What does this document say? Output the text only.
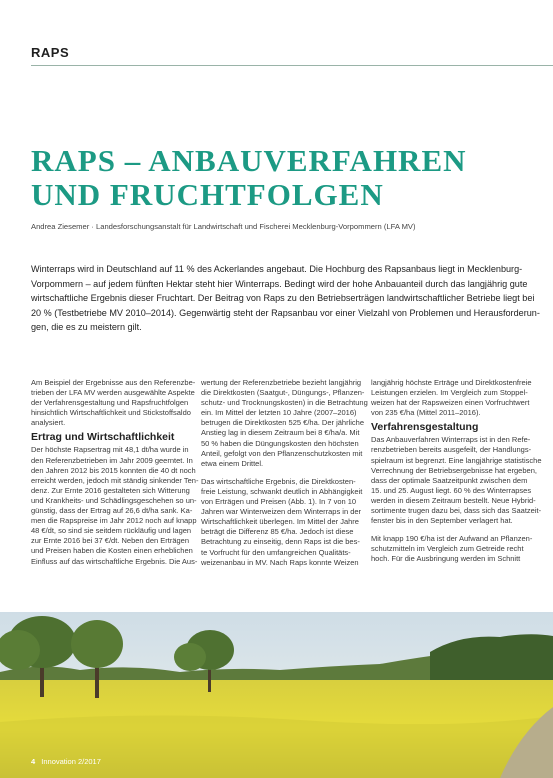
RAPS
RAPS – ANBAUVERFAHREN
UND FRUCHTFOLGEN
Andrea Ziesemer · Landesforschungsanstalt für Landwirtschaft und Fischerei Mecklenburg-Vorpommern (LFA MV)

Winterraps wird in Deutschland auf 11 % des Ackerlandes angebaut. Die Hochburg des Rapsanbaus liegt in Mecklenburg-
Vorpommern – auf jedem fünften Hektar steht hier Winterraps. Bedingt wird der hohe Anbauanteil durch das langjährig gute
wirtschaftliche Ergebnis dieser Fruchtart. Der Beitrag von Raps zu den Betriebserträgen landwirtschaftlicher Betriebe liegt bei
20 % (Testbetriebe MV 2010–2014). Gegenwärtig steht der Rapsanbau vor einer Vielzahl von Problemen und Herausforderun-
gen, die es zu meistern gilt.

Am Beispiel der Ergebnisse aus den Referenzbe-
trieben der LFA MV werden ausgewählte Aspekte
der Verfahrensgestaltung und Rapsfruchtfolgen
hinsichtlich Wirtschaftlichkeit und Stickstoffsaldo
analysiert.
Ertrag und Wirtschaftlichkeit
Der höchste Rapsertrag mit 48,1 dt/ha wurde in
den Referenzbetrieben im Jahr 2009 geerntet. In
den Jahren 2012 bis 2015 konnten die 40 dt noch
erreicht werden, jedoch mit ständig sinkender Ten-
denz. Zur Ernte 2016 gestalteten sich Witterung
und Krankheits- und Schädlingsgeschehen so un-
günstig, dass der Ertrag auf 26,6 dt/ha sank. Ka-
men die Rapspreise im Jahr 2012 noch auf knapp
48 €/dt, so sind sie seitdem rückläufig und lagen
zur Ernte 2016 bei 37 €/dt. Neben den Erträgen
und Preisen haben die Kosten einen erheblichen
Einfluss auf das wirtschaftliche Ergebnis. Die Aus-
wertung der Referenzbetriebe bezieht langjährig
die Direktkosten (Saatgut-, Düngungs-, Pflanzen-
schutz- und Trocknungskosten) in die Betrachtung
ein. Im Mittel der letzten 10 Jahre (2007–2016)
betrugen die Direktkosten 525 €/ha. Der jährliche
Anstieg lag in diesem Zeitraum bei 8 €/ha/a. Mit
50 % haben die Düngungskosten den höchsten
Anteil, gefolgt von den Pflanzenschutzkosten mit
etwa einem Drittel.
Das wirtschaftliche Ergebnis, die Direktkosten-
freie Leistung, schwankt deutlich in Abhängigkeit
von Erträgen und Preisen (Abb. 1). In 7 von 10
Jahren war Winterweizen dem Winterraps in der
Wirtschaftlichkeit überlegen. Im Mittel der Jahre
beträgt die Differenz 85 €/ha. Jedoch ist diese
Betrachtung zu einseitig, denn Raps ist die bes-
te Vorfrucht für den umfangreichen Qualitäts-
weizenanbau in MV. Nach Raps konnte Weizen
langjährig höchste Erträge und Direktkostenfreie
Leistungen erzielen. Im Vergleich zum Stoppel-
weizen hat der Rapsweizen einen Vorfruchtwert
von 235 €/ha (Mittel 2011–2016).
Verfahrensgestaltung
Das Anbauverfahren Winterraps ist in den Refe-
renzbetrieben bereits ausgefeilt, der Handlungs-
spielraum ist begrenzt. Eine langjährige statistische
Verrechnung der Betriebsergebnisse hat ergeben,
dass der optimale Saatzeitpunkt zwischen dem
15. und 25. August liegt. 60 % des Winterrapses
werden in diesem Zeitraum bestellt. Neue Hybrid-
sortimente trugen dazu bei, dass sich das Saatzeit-
fenster bis in den September verlagert hat.
Mit knapp 190 €/ha ist der Aufwand an Pflanzen-
schutzmitteln im Vergleich zum Getreide recht
hoch. Für die Ausbringung werden im Schnitt
4 Innovation 2/2017
